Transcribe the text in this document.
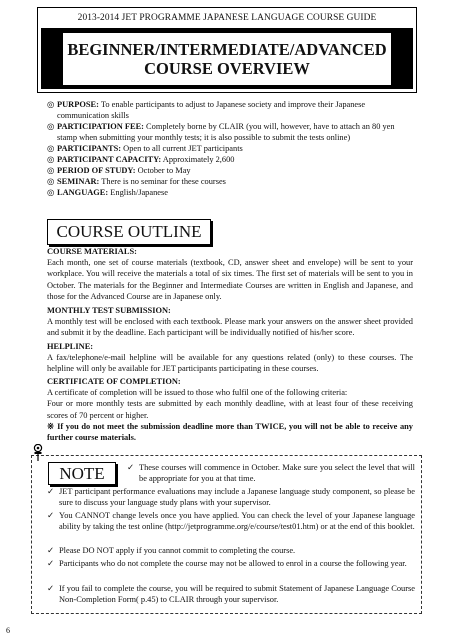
2013-2014 JET PROGRAMME JAPANESE LANGUAGE COURSE GUIDE
BEGINNER/INTERMEDIATE/ADVANCED
COURSE OVERVIEW
◎ PURPOSE: To enable participants to adjust to Japanese society and improve their Japanese
communication skills
◎ PARTICIPATION FEE: Completely borne by CLAIR (you will, however, have to attach an 80 yen
stamp when submitting your monthly tests; it is also possible to submit the tests online)
◎ PARTICIPANTS: Open to all current JET participants
◎ PARTICIPANT CAPACITY: Approximately 2,600
◎ PERIOD OF STUDY: October to May
◎ SEMINAR: There is no seminar for these courses
◎ LANGUAGE: English/Japanese
COURSE OUTLINE
COURSE MATERIALS:

Each month, one set of course materials (textbook, CD, answer sheet and envelope) will be sent to your workplace. You will receive the materials a total of six times. The first set of materials will be sent to you in October. The materials for the Beginner and Intermediate Courses are written in English and Japanese, and those for the Advanced Course are in Japanese only.

MONTHLY TEST SUBMISSION:

A monthly test will be enclosed with each textbook. Please mark your answers on the answer sheet provided and submit it by the deadline. Each participant will be individually notified of his/her score.

HELPLINE:

A fax/telephone/e-mail helpline will be available for any questions related (only) to these courses. The helpline will only be available for JET participants participating in these courses.

CERTIFICATE OF COMPLETION:

A certificate of completion will be issued to those who fulfil one of the following criteria:

Four or more monthly tests are submitted by each monthly deadline, with at least four of these receiving scores of 70 percent or higher.

※ If you do not meet the submission deadline more than TWICE, you will not be able to receive any further course materials.

NOTE	✓ These courses will commence in October. Make sure you select the level that will be appropriate for you at that time.
✓ JET participant performance evaluations may include a Japanese language study component, so please be sure to discuss your language study plans with your supervisor.
✓ You CANNOT change levels once you have applied. You can check the level of your Japanese language ability by taking the test online (http://jetprogramme.org/e/course/test01.htm) or at the end of this booklet.
✓ Please DO NOT apply if you cannot commit to completing the course.
✓ Participants who do not complete the course may not be allowed to enrol in a course the following year.
✓ If you fail to complete the course, you will be required to submit Statement of Japanese Language Course Non-Completion Form( p.45) to CLAIR through your supervisor.
6
